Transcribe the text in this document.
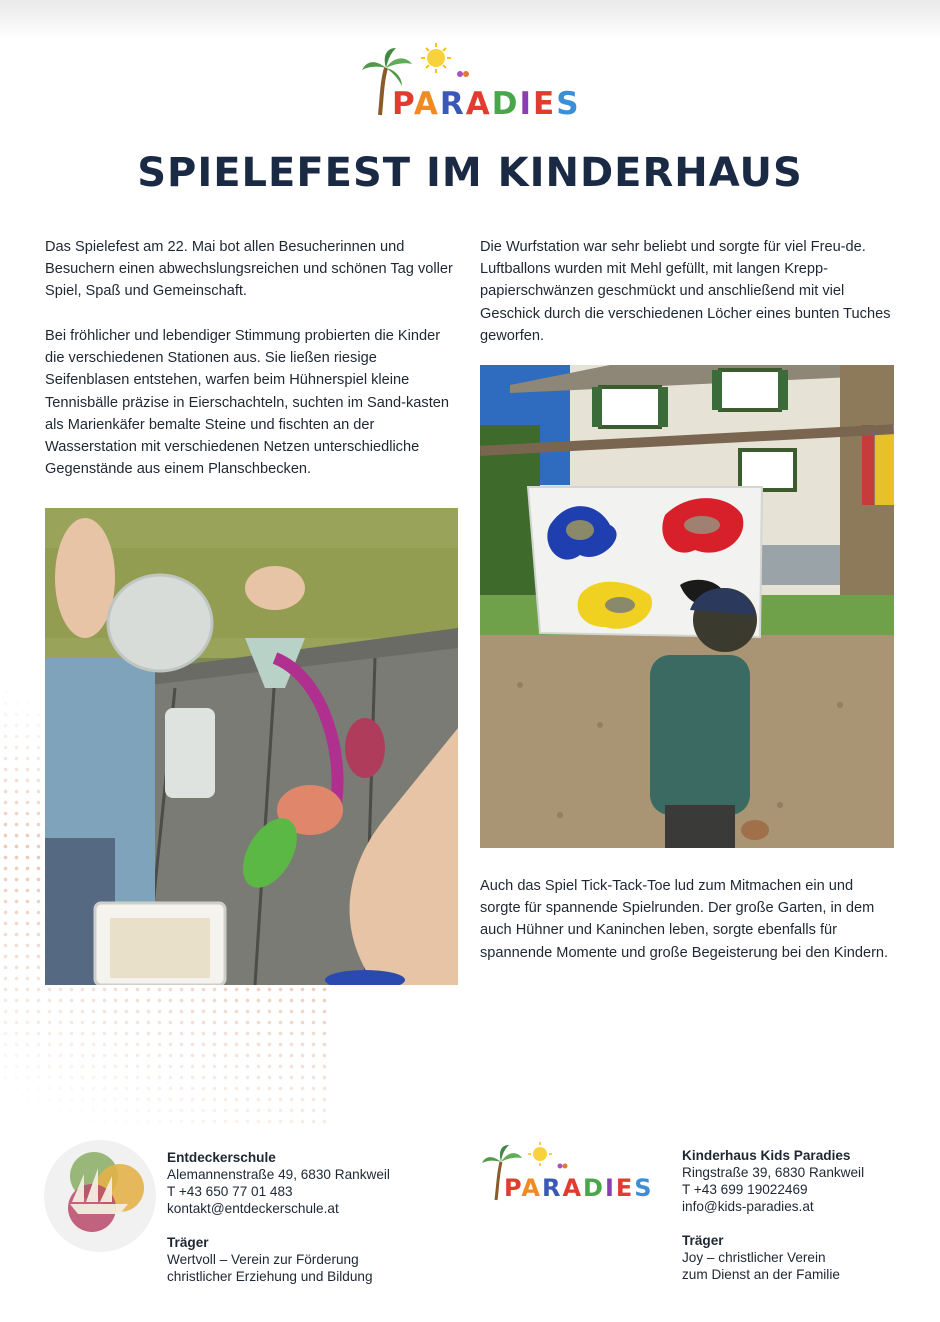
PARADIES
SPIELEFEST IM KINDERHAUS

Das Spielefest am 22. Mai bot allen Besucherinnen und Besuchern einen abwechslungsreichen und schönen Tag voller Spiel, Spaß und Gemeinschaft.

Bei fröhlicher und lebendiger Stimmung probierten die Kinder die verschiedenen Stationen aus. Sie ließen riesige Seifenblasen entstehen, warfen beim Hühnerspiel kleine Tennisbälle präzise in Eierschachteln, suchten im Sand-kasten als Marienkäfer bemalte Steine und fischten an der Wasserstation mit verschiedenen Netzen unterschiedliche Gegenstände aus einem Planschbecken.

Die Wurfstation war sehr beliebt und sorgte für viel Freu-de. Luftballons wurden mit Mehl gefüllt, mit langen Krepp-papierschwänzen geschmückt und anschließend mit viel Geschick durch die verschiedenen Löcher eines bunten Tuches geworfen.

Auch das Spiel Tick-Tack-Toe lud zum Mitmachen ein und sorgte für spannende Spielrunden. Der große Garten, in dem auch Hühner und Kaninchen leben, sorgte ebenfalls für spannende Momente und große Begeisterung bei den Kindern.

Entdeckerschule
Alemannenstraße 49, 6830 Rankweil
T +43 650 77 01 483
kontakt@entdeckerschule.at
Träger
Wertvoll – Verein zur Förderung
christlicher Erziehung und Bildung
PARADIES
Kinderhaus Kids Paradies
Ringstraße 39, 6830 Rankweil
T +43 699 19022469
info@kids-paradies.at
Träger
Joy – christlicher Verein
zum Dienst an der Familie
